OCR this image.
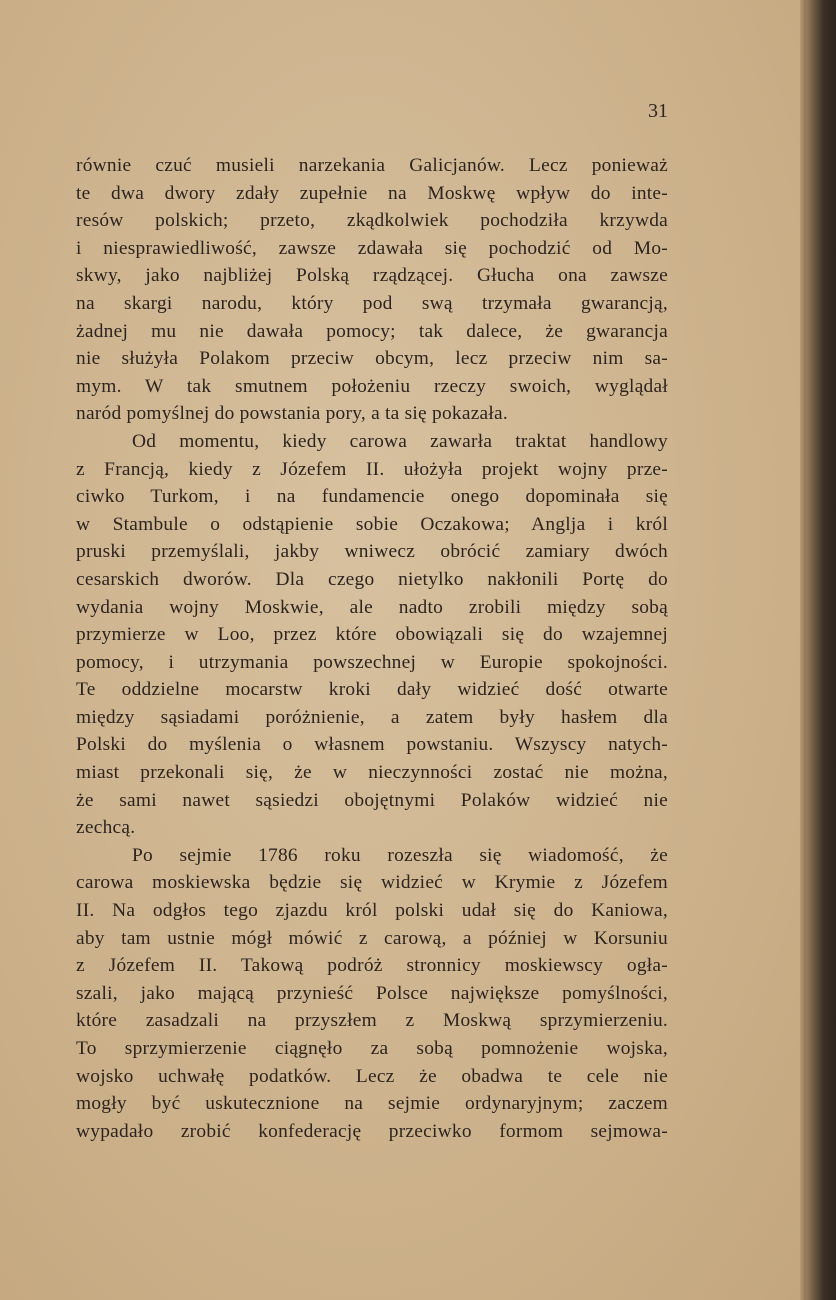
31
równie czuć musieli narzekania Galicjanów. Lecz ponieważ
te dwa dwory zdały zupełnie na Moskwę wpływ do inte-
resów polskich; przeto, zkądkolwiek pochodziła krzywda
i niesprawiedliwość, zawsze zdawała się pochodzić od Mo-
skwy, jako najbliżej Polską rządzącej. Głucha ona zawsze
na skargi narodu, który pod swą trzymała gwarancją,
żadnej mu nie dawała pomocy; tak dalece, że gwarancja
nie służyła Polakom przeciw obcym, lecz przeciw nim sa-
mym. W tak smutnem położeniu rzeczy swoich, wyglądał
naród pomyślnej do powstania pory, a ta się pokazała.
Od momentu, kiedy carowa zawarła traktat handlowy
z Francją, kiedy z Józefem II. ułożyła projekt wojny prze-
ciwko Turkom, i na fundamencie onego dopominała się
w Stambule o odstąpienie sobie Oczakowa; Anglja i król
pruski przemyślali, jakby wniwecz obrócić zamiary dwóch
cesarskich dworów. Dla czego nietylko nakłonili Portę do
wydania wojny Moskwie, ale nadto zrobili między sobą
przymierze w Loo, przez które obowiązali się do wzajemnej
pomocy, i utrzymania powszechnej w Europie spokojności.
Te oddzielne mocarstw kroki dały widzieć dość otwarte
między sąsiadami poróżnienie, a zatem były hasłem dla
Polski do myślenia o własnem powstaniu. Wszyscy natych-
miast przekonali się, że w nieczynności zostać nie można,
że sami nawet sąsiedzi obojętnymi Polaków widzieć nie
zechcą.
Po sejmie 1786 roku rozeszła się wiadomość, że
carowa moskiewska będzie się widzieć w Krymie z Józefem
II. Na odgłos tego zjazdu król polski udał się do Kaniowa,
aby tam ustnie mógł mówić z carową, a później w Korsuniu
z Józefem II. Takową podróż stronnicy moskiewscy ogła-
szali, jako mającą przynieść Polsce największe pomyślności,
które zasadzali na przyszłem z Moskwą sprzymierzeniu.
To sprzymierzenie ciągnęło za sobą pomnożenie wojska,
wojsko uchwałę podatków. Lecz że obadwa te cele nie
mogły być uskutecznione na sejmie ordynaryjnym; zaczem
wypadało zrobić konfederację przeciwko formom sejmowa-
